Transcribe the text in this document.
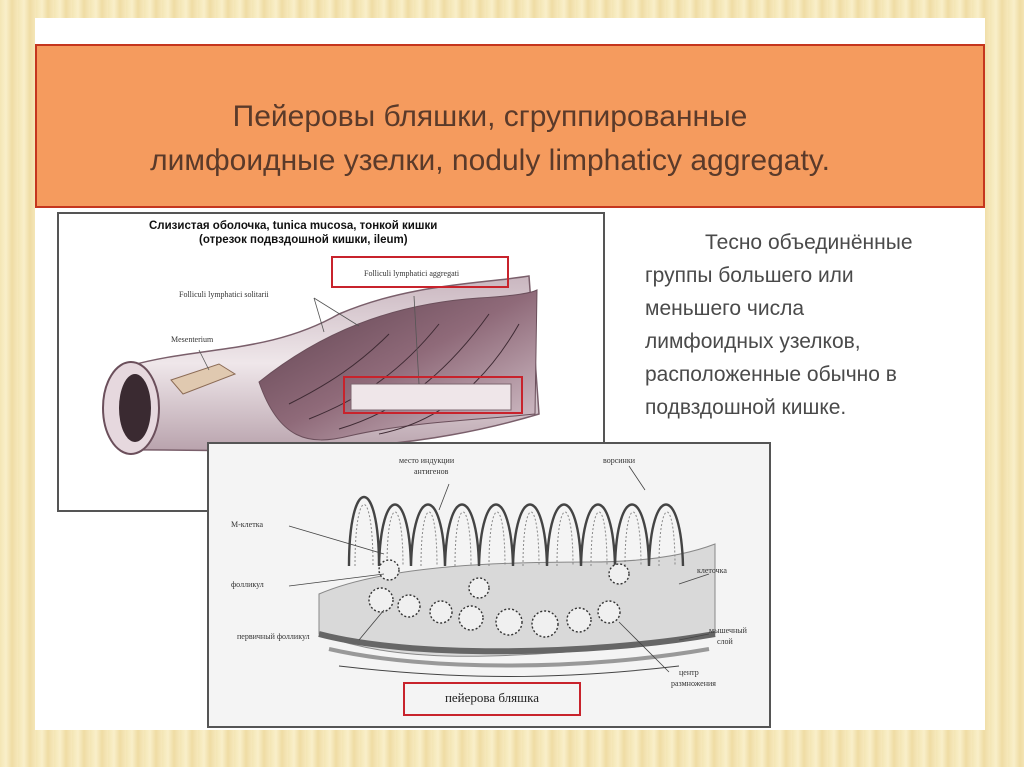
Пейеровы бляшки, сгруппированные
лимфоидные узелки, noduly limphaticy aggregaty.
Слизистая оболочка, tunica mucosa, тонкой кишки
(отрезок подвздошной кишки, ileum)
Folliculi lymphatici aggregati
Folliculi lymphatici solitarii
Mesenterium
Тесно объединённые
группы большего или
меньшего числа
лимфоидных узелков,
расположенные обычно в
подвздошной кишке.
место индукции
антигенов
ворсинки
М-клетка
фолликул
первичный фолликул
клеточка
мышечный
слой
центр
размножения
пейерова бляшка
